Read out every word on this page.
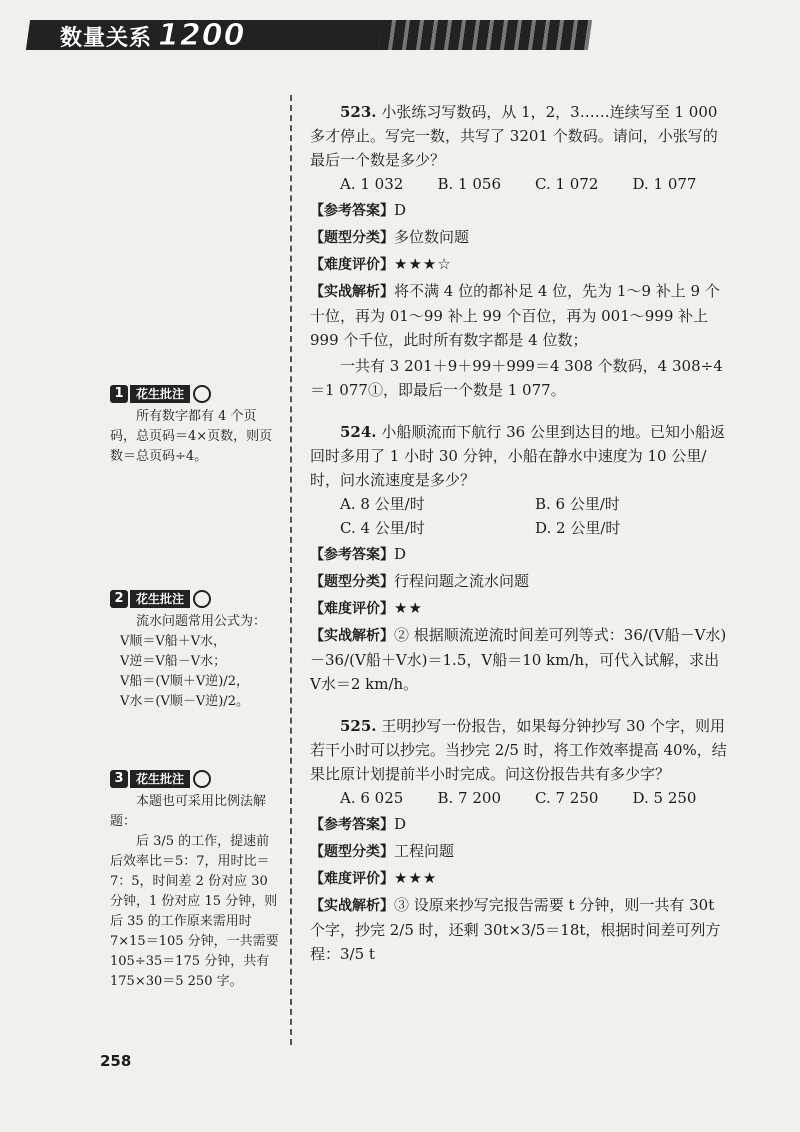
数量关系 1200
523. 小张练习写数码，从 1，2，3……连续写至 1 000 多才停止。写完一数，共写了 3201 个数码。请问，小张写的最后一个数是多少？
A. 1 032	B. 1 056	C. 1 072	D. 1 077
【参考答案】D
【题型分类】多位数问题
【难度评价】★★★☆
【实战解析】将不满 4 位的都补足 4 位，先为 1～9 补上 9 个十位，再为 01～99 补上 99 个百位，再为 001～999 补上 999 个千位，此时所有数字都是 4 位数；
一共有 3 201＋9＋99＋999＝4 308 个数码，4 308÷4＝1 077①，即最后一个数是 1 077。
524. 小船顺流而下航行 36 公里到达目的地。已知小船返回时多用了 1 小时 30 分钟，小船在静水中速度为 10 公里/时，问水流速度是多少？
A. 8 公里/时	B. 6 公里/时
C. 4 公里/时	D. 2 公里/时
【参考答案】D
【题型分类】行程问题之流水问题
【难度评价】★★
【实战解析】② 根据顺流逆流时间差可列等式：36/(V船－V水)－36/(V船＋V水)＝1.5，V船＝10 km/h，可代入试解，求出 V水＝2 km/h。
525. 王明抄写一份报告，如果每分钟抄写 30 个字，则用若干小时可以抄完。当抄完 2/5 时，将工作效率提高 40%，结果比原计划提前半小时完成。问这份报告共有多少字？
A. 6 025	B. 7 200	C. 7 250	D. 5 250
【参考答案】D
【题型分类】工程问题
【难度评价】★★★
【实战解析】③ 设原来抄写完报告需要 t 分钟，则一共有 30t 个字，抄完 2/5 时，还剩 30t×3/5＝18t，根据时间差可列方程：3/5 t
1	花生批注
所有数字都有 4 个页码，总页码＝4×页数，则页数＝总页码÷4。
2	花生批注
流水问题常用公式为：
V顺＝V船＋V水，
V逆＝V船－V水；
V船＝(V顺＋V逆)/2，
V水＝(V顺－V逆)/2。
3	花生批注
本题也可采用比例法解题：
后 3/5 的工作，提速前后效率比＝5：7，用时比＝7：5，时间差 2 份对应 30 分钟，1 份对应 15 分钟，则后 35 的工作原来需用时 7×15＝105 分钟，一共需要 105÷35＝175 分钟，共有 175×30＝5 250 字。
258
